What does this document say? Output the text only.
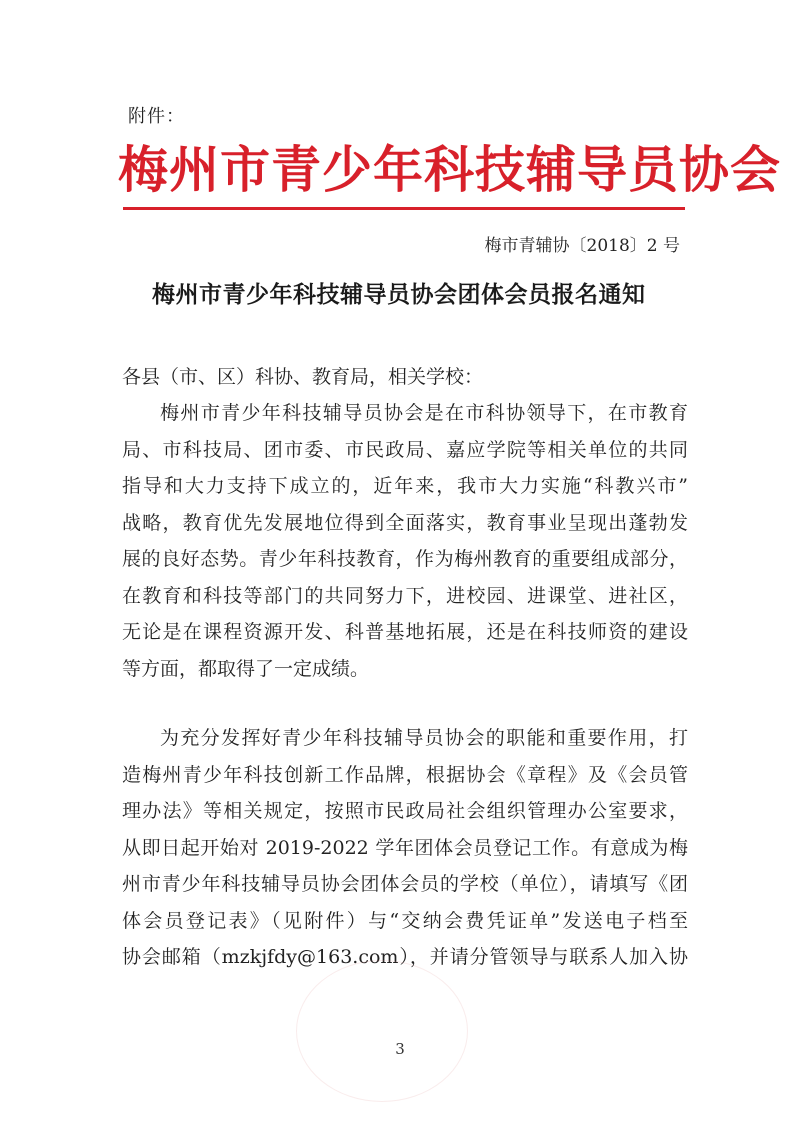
附件：
梅州市青少年科技辅导员协会
梅市青辅协〔2018〕2 号
梅州市青少年科技辅导员协会团体会员报名通知
各县（市、区）科协、教育局，相关学校：
梅州市青少年科技辅导员协会是在市科协领导下，在市教育
局、市科技局、团市委、市民政局、嘉应学院等相关单位的共同
指导和大力支持下成立的，近年来，我市大力实施“科教兴市”
战略，教育优先发展地位得到全面落实，教育事业呈现出蓬勃发
展的良好态势。青少年科技教育，作为梅州教育的重要组成部分，
在教育和科技等部门的共同努力下，进校园、进课堂、进社区，
无论是在课程资源开发、科普基地拓展，还是在科技师资的建设
等方面，都取得了一定成绩。
为充分发挥好青少年科技辅导员协会的职能和重要作用，打
造梅州青少年科技创新工作品牌，根据协会《章程》及《会员管
理办法》等相关规定，按照市民政局社会组织管理办公室要求，
从即日起开始对 2019-2022 学年团体会员登记工作。有意成为梅
州市青少年科技辅导员协会团体会员的学校（单位），请填写《团
体会员登记表》（见附件）与“交纳会费凭证单”发送电子档至
协会邮箱（mzkjfdy@163.com），并请分管领导与联系人加入协
3
